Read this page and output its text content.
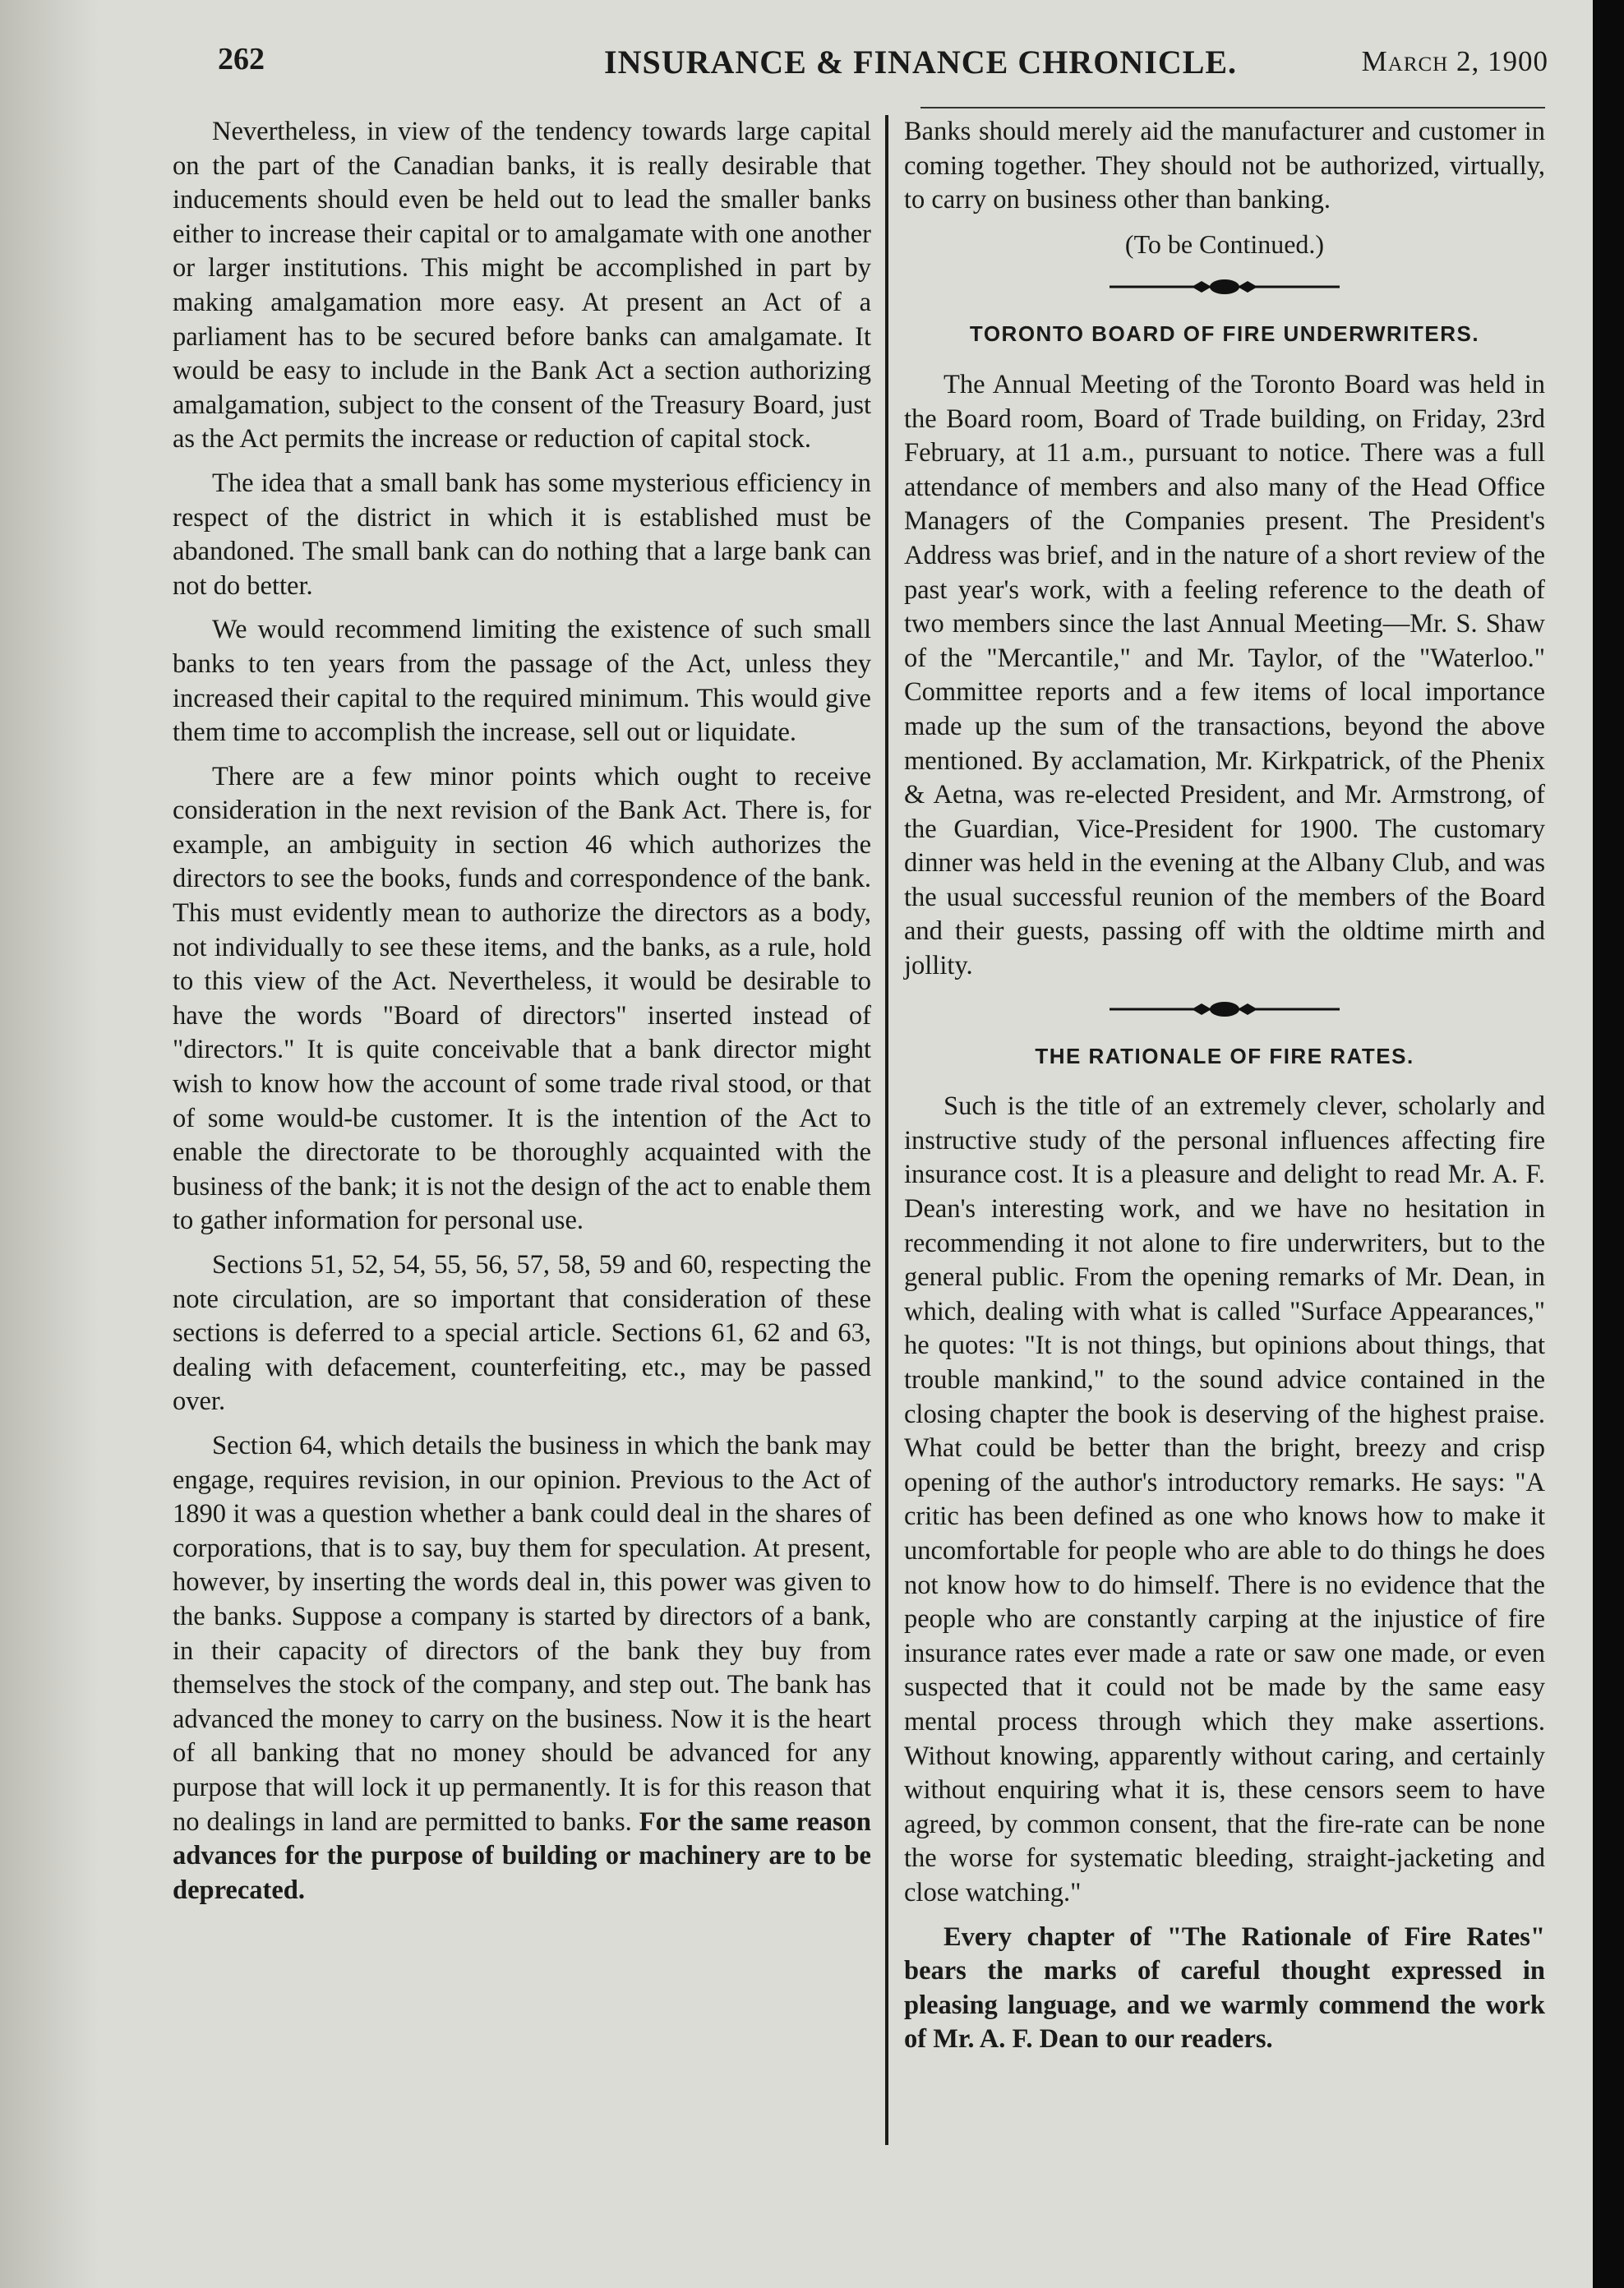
262	INSURANCE & FINANCE CHRONICLE.	March 2, 1900

Nevertheless, in view of the tendency towards large capital on the part of the Canadian banks, it is really desirable that inducements should even be held out to lead the smaller banks either to increase their capital or to amalgamate with one another or larger institutions. This might be accomplished in part by making amalgamation more easy. At present an Act of a parliament has to be secured before banks can amalgamate. It would be easy to include in the Bank Act a section authorizing amalgamation, subject to the consent of the Treasury Board, just as the Act permits the increase or reduction of capital stock.

The idea that a small bank has some mysterious efficiency in respect of the district in which it is established must be abandoned. The small bank can do nothing that a large bank can not do better.

We would recommend limiting the existence of such small banks to ten years from the passage of the Act, unless they increased their capital to the required minimum. This would give them time to accomplish the increase, sell out or liquidate.

There are a few minor points which ought to receive consideration in the next revision of the Bank Act. There is, for example, an ambiguity in section 46 which authorizes the directors to see the books, funds and correspondence of the bank. This must evidently mean to authorize the directors as a body, not individually to see these items, and the banks, as a rule, hold to this view of the Act. Nevertheless, it would be desirable to have the words "Board of directors" inserted instead of "directors." It is quite conceivable that a bank director might wish to know how the account of some trade rival stood, or that of some would-be customer. It is the intention of the Act to enable the directorate to be thoroughly acquainted with the business of the bank; it is not the design of the act to enable them to gather information for personal use.

Sections 51, 52, 54, 55, 56, 57, 58, 59 and 60, respecting the note circulation, are so important that consideration of these sections is deferred to a special article. Sections 61, 62 and 63, dealing with defacement, counterfeiting, etc., may be passed over.

Section 64, which details the business in which the bank may engage, requires revision, in our opinion. Previous to the Act of 1890 it was a question whether a bank could deal in the shares of corporations, that is to say, buy them for speculation. At present, however, by inserting the words deal in, this power was given to the banks. Suppose a company is started by directors of a bank, in their capacity of directors of the bank they buy from themselves the stock of the company, and step out. The bank has advanced the money to carry on the business. Now it is the heart of all banking that no money should be advanced for any purpose that will lock it up permanently. It is for this reason that no dealings in land are permitted to banks. For the same reason advances for the purpose of building or machinery are to be deprecated.

Banks should merely aid the manufacturer and customer in coming together. They should not be authorized, virtually, to carry on business other than banking.

(To be Continued.)
TORONTO BOARD OF FIRE UNDERWRITERS.

The Annual Meeting of the Toronto Board was held in the Board room, Board of Trade building, on Friday, 23rd February, at 11 a.m., pursuant to notice. There was a full attendance of members and also many of the Head Office Managers of the Companies present. The President's Address was brief, and in the nature of a short review of the past year's work, with a feeling reference to the death of two members since the last Annual Meeting—Mr. S. Shaw of the "Mercantile," and Mr. Taylor, of the "Waterloo." Committee reports and a few items of local importance made up the sum of the transactions, beyond the above mentioned. By acclamation, Mr. Kirkpatrick, of the Phenix & Aetna, was re-elected President, and Mr. Armstrong, of the Guardian, Vice-President for 1900. The customary dinner was held in the evening at the Albany Club, and was the usual successful reunion of the members of the Board and their guests, passing off with the oldtime mirth and jollity.

THE RATIONALE OF FIRE RATES.

Such is the title of an extremely clever, scholarly and instructive study of the personal influences affecting fire insurance cost. It is a pleasure and delight to read Mr. A. F. Dean's interesting work, and we have no hesitation in recommending it not alone to fire underwriters, but to the general public. From the opening remarks of Mr. Dean, in which, dealing with what is called "Surface Appearances," he quotes: "It is not things, but opinions about things, that trouble mankind," to the sound advice contained in the closing chapter the book is deserving of the highest praise. What could be better than the bright, breezy and crisp opening of the author's introductory remarks. He says: "A critic has been defined as one who knows how to make it uncomfortable for people who are able to do things he does not know how to do himself. There is no evidence that the people who are constantly carping at the injustice of fire insurance rates ever made a rate or saw one made, or even suspected that it could not be made by the same easy mental process through which they make assertions. Without knowing, apparently without caring, and certainly without enquiring what it is, these censors seem to have agreed, by common consent, that the fire-rate can be none the worse for systematic bleeding, straight-jacketing and close watching."

Every chapter of "The Rationale of Fire Rates" bears the marks of careful thought expressed in pleasing language, and we warmly commend the work of Mr. A. F. Dean to our readers.
